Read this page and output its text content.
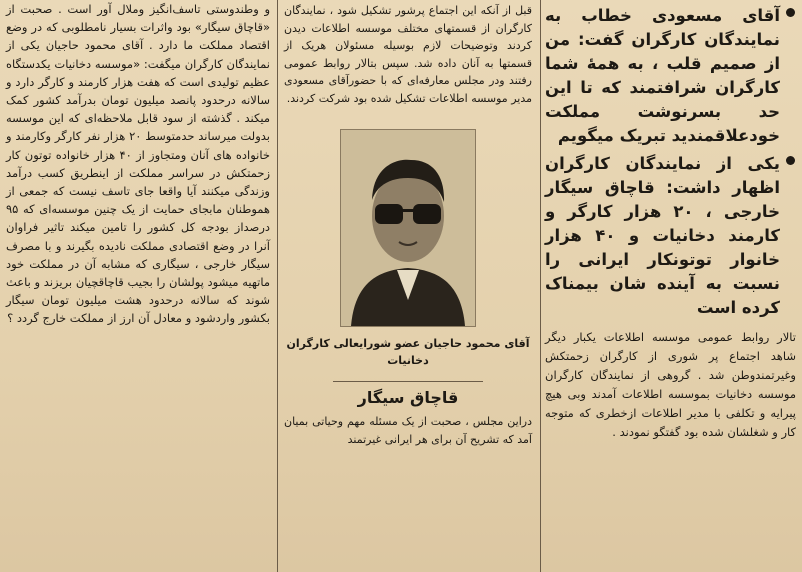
آقای مسعودی خطاب به نمایندگان کارگران گفت: من از صمیم قلب ، به همهٔ شما کارگران شرافتمند که تا این حد بسرنوشت مملکت خودعلاقمندید تبریک میگویم

یکی از نمایندگان کارگران اظهار داشت: قاچاق سیگار خارجی ، ۲۰ هزار کارگر و کارمند دخانیات و ۴۰ هزار خانوار توتونکار ایرانی را نسبت به آینده شان بیمناک کرده است

تالار روابط عمومی موسسه اطلاعات یکبار دیگر شاهد اجتماع پر شوری از کارگران زحمتکش وغیرتمندوطن شد . گروهی از نمایندگان کارگران موسسه دخانیات بموسسه اطلاعات آمدند وبی هیچ پیرایه و تکلفی با مدیر اطلاعات ازخطری که متوجه کار و شغلشان شده بود گفتگو نمودند .

قبل از آنکه این اجتماع پرشور تشکیل شود ، نمایندگان کارگران از قسمتهای مختلف موسسه اطلاعات دیدن کردند وتوضیحات لازم بوسیله مسئولان هریک از قسمتها به آنان داده شد. سپس بتالار روابط عمومی رفتند ودر مجلس معارفه‌ای که با حضورآقای مسعودی مدیر موسسه اطلاعات تشکیل شده بود شرکت کردند.

آقای محمود حاجیان عضو شورایعالی کارگران دخانیات

قاچاق سیگار

دراین مجلس ، صحبت از یک مسئله مهم وحیاتی بمیان آمد که تشریح آن برای هر ایرانی غیرتمند

و وطندوستی تاسف‌انگیز وملال آور است . صحبت از «قاچاق سیگار» بود واثرات بسیار نامطلوبی که در وضع اقتصاد مملکت ما دارد . آقای محمود حاجیان یکی از نمایندگان کارگران میگفت: «موسسه دخانیات یکدستگاه عظیم تولیدی است که هفت هزار کارمند و کارگر دارد و سالانه درحدود پانصد میلیون تومان بدرآمد کشور کمک میکند . گذشته از سود قابل ملاحظه‌ای که این موسسه بدولت میرساند حدمتوسط ۲۰ هزار نفر کارگر وکارمند و خانواده های آنان ومتجاوز از ۴۰ هزار خانواده توتون کار زحمتکش در سراسر مملکت از اینطریق کسب درآمد وزندگی میکنند آیا واقعا جای تاسف نیست که جمعی از هموطنان مابجای حمایت از یک چنین موسسه‌ای که ۹۵ درصداز بودجه کل کشور را تامین میکند تاثیر فراوان آنرا در وضع اقتصادی مملکت نادیده بگیرند و با مصرف سیگار خارجی ، سیگاری که مشابه آن در مملکت خود ماتهیه میشود پولشان را بجیب قاچاقچیان بریزند و باعث شوند که سالانه درحدود هشت میلیون تومان سیگار بکشور واردشود و معادل آن ارز از مملکت خارج گردد ؟
